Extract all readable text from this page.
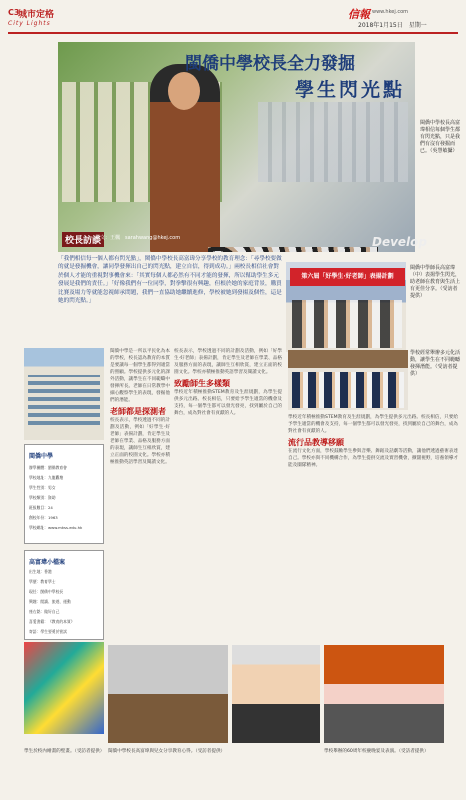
C3
城市定格
City Lights
信報 www.hkej.com
2018年1月15日　星期一
閩僑中學校長全力發掘
學生閃光點
閩僑中學校長高富瑋相信每個學生都有閃光點，只是我們有沒有發掘而已。（吳慧敏攝）
校長訪談
撰文：王楓　sarahwang@hkej.com	Develop
「我們相信每一個人都有閃光點」，閩僑中學校長高富瑋分享學校的教育理念：「尋學校要做的就是發掘機會，讓同學發揮出自己的閃光點，建立自信，得到成功。」兩校長相信社會對於個人才能的重視對事機會來：「其實每個人都必然有不同才能的發揮，所以幫助學生多元發展是我們的責任。」「好像我們有一位同學，對拳擊很有興趣，但根於她的家庭背景，購買比賽及場力等就能忽視師承問題，我們一直協助她繼續進修，學校被她到發揚及個性，這是她的閃光點。」
第六屆「好學生·好老師」表揚計劃
閩僑中學師長高富瑋（中）表揚學生閃光，助老師在教育與生活上有更佳分享。（受訪者提供）
閩僑中學
辦學團體：閩僑教育會
學校地址：九龍觀塘
學生性別：男女
學校類別：資助
班級數目：24
創校年份：1963
學校網址：www.mkss.edu.hk
高富瑋小檔案
出生地：香港
學歷：教育學士
現任：閩僑中學校長
興趣：閱讀、旅遊、運動
座右銘：做好自己
喜愛書籍：《教育的本質》
寄語：學生要勇於嘗試
閩僑中學是一所以平民化為本的學校，校長認為教育的本質是要讓每一個學生都得到適當的照顧。學校提供多元化的課外活動，讓學生在不同範疇中發揮所長。老師在日常教學中細心觀察學生的表現，發掘他們的潛能。
老師都是探測者
校長表示，學校透過不同的計劃及活動，例如「好學生·好老師」表揚計劃，肯定學生及老師在學業、品格及服務方面的表現，讓師生互相欣賞，建立正面的校園文化。學校亦積極推動英語學習及閱讀文化。
校長表示，學校透過不同的計劃及活動，例如「好學生·好老師」表揚計劃，肯定學生及老師在學業、品格及服務方面的表現，讓師生互相欣賞，建立正面的校園文化。學校亦積極推動英語學習及閱讀文化。
致勵師生多樣類
學校近年積極推動STEM教育及生涯規劃，為學生提供多元出路。校長相信，只要給予學生適當的機會及支持，每一個學生都可以發光發亮，找到屬於自己的舞台，成為對社會有貢獻的人。
學校經常舉辦多元化活動，讓學生在不同範疇發揮潛能。（受訪者提供）
學校近年積極推動STEM教育及生涯規劃，為學生提供多元出路。校長相信，只要給予學生適當的機會及支持，每一個學生都可以發光發亮，找到屬於自己的舞台，成為對社會有貢獻的人。
流行品教導移願
在流行文化方面，學校鼓勵學生參與音樂、舞蹈及話劇等活動，讓他們透過藝術表達自己。學校亦與不同機構合作，為學生提供交流及實習機會，擴闊視野，培養領導才能及團隊精神。
學生於校內繪畫的壁畫。（受訪者提供） 閩僑中學校長高富瑋與兒女分享教育心得。（受訪者提供）	學校舉辦的60周年校慶晚宴及表演。（受訪者提供）
